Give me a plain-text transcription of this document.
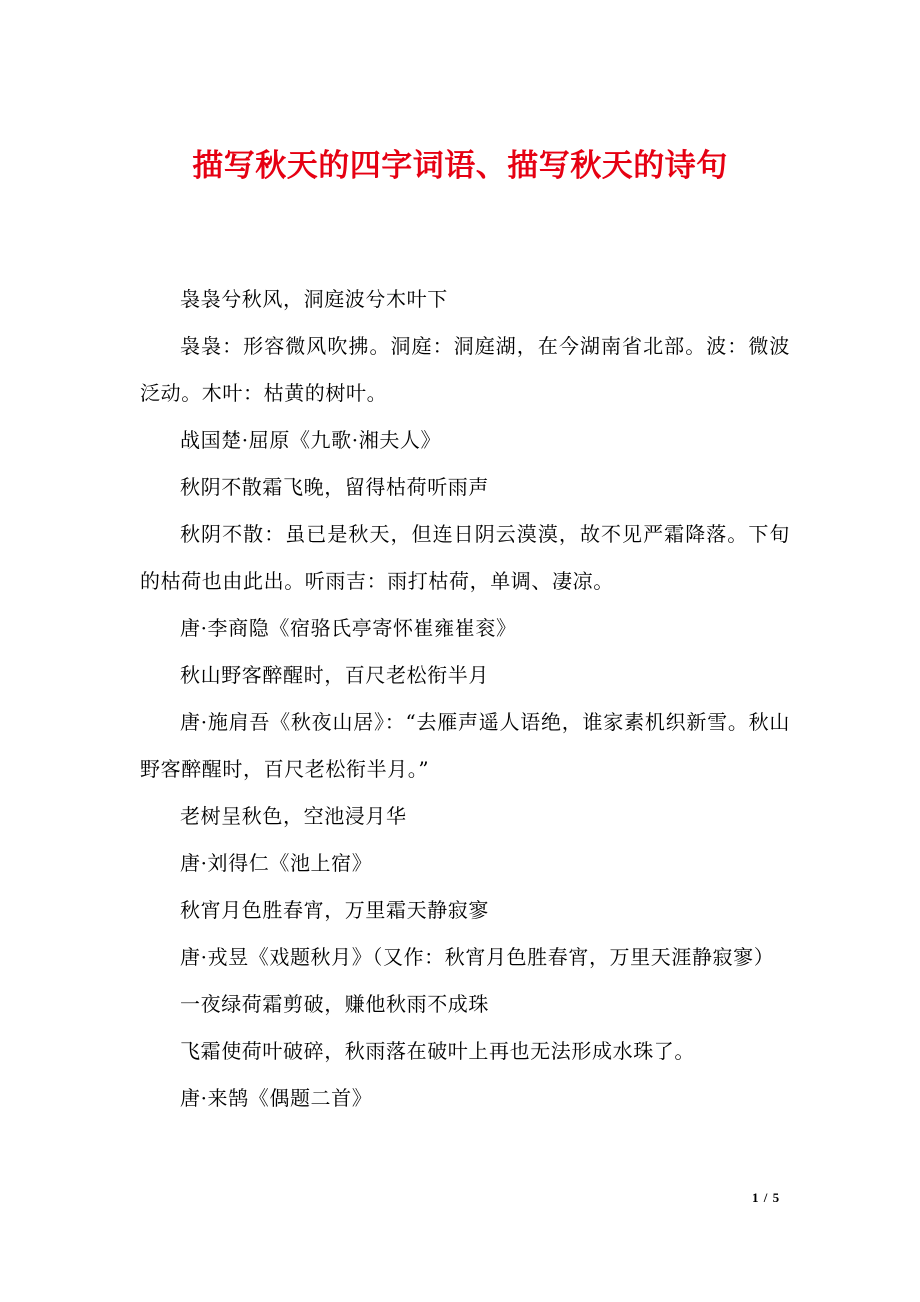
描写秋天的四字词语、描写秋天的诗句

袅袅兮秋风，洞庭波兮木叶下

袅袅：形容微风吹拂。洞庭：洞庭湖，在今湖南省北部。波：微波泛动。木叶：枯黄的树叶。

战国楚·屈原《九歌·湘夫人》

秋阴不散霜飞晚，留得枯荷听雨声

秋阴不散：虽已是秋天，但连日阴云漠漠，故不见严霜降落。下旬的枯荷也由此出。听雨吉：雨打枯荷，单调、凄凉。

唐·李商隐《宿骆氏亭寄怀崔雍崔衮》

秋山野客醉醒时，百尺老松衔半月

唐·施肩吾《秋夜山居》：“去雁声遥人语绝，谁家素机织新雪。秋山野客醉醒时，百尺老松衔半月。”

老树呈秋色，空池浸月华

唐·刘得仁《池上宿》

秋宵月色胜春宵，万里霜天静寂寥

唐·戎昱《戏题秋月》（又作：秋宵月色胜春宵，万里天涯静寂寥）

一夜绿荷霜剪破，赚他秋雨不成珠

飞霜使荷叶破碎，秋雨落在破叶上再也无法形成水珠了。

唐·来鹄《偶题二首》

1 / 5
